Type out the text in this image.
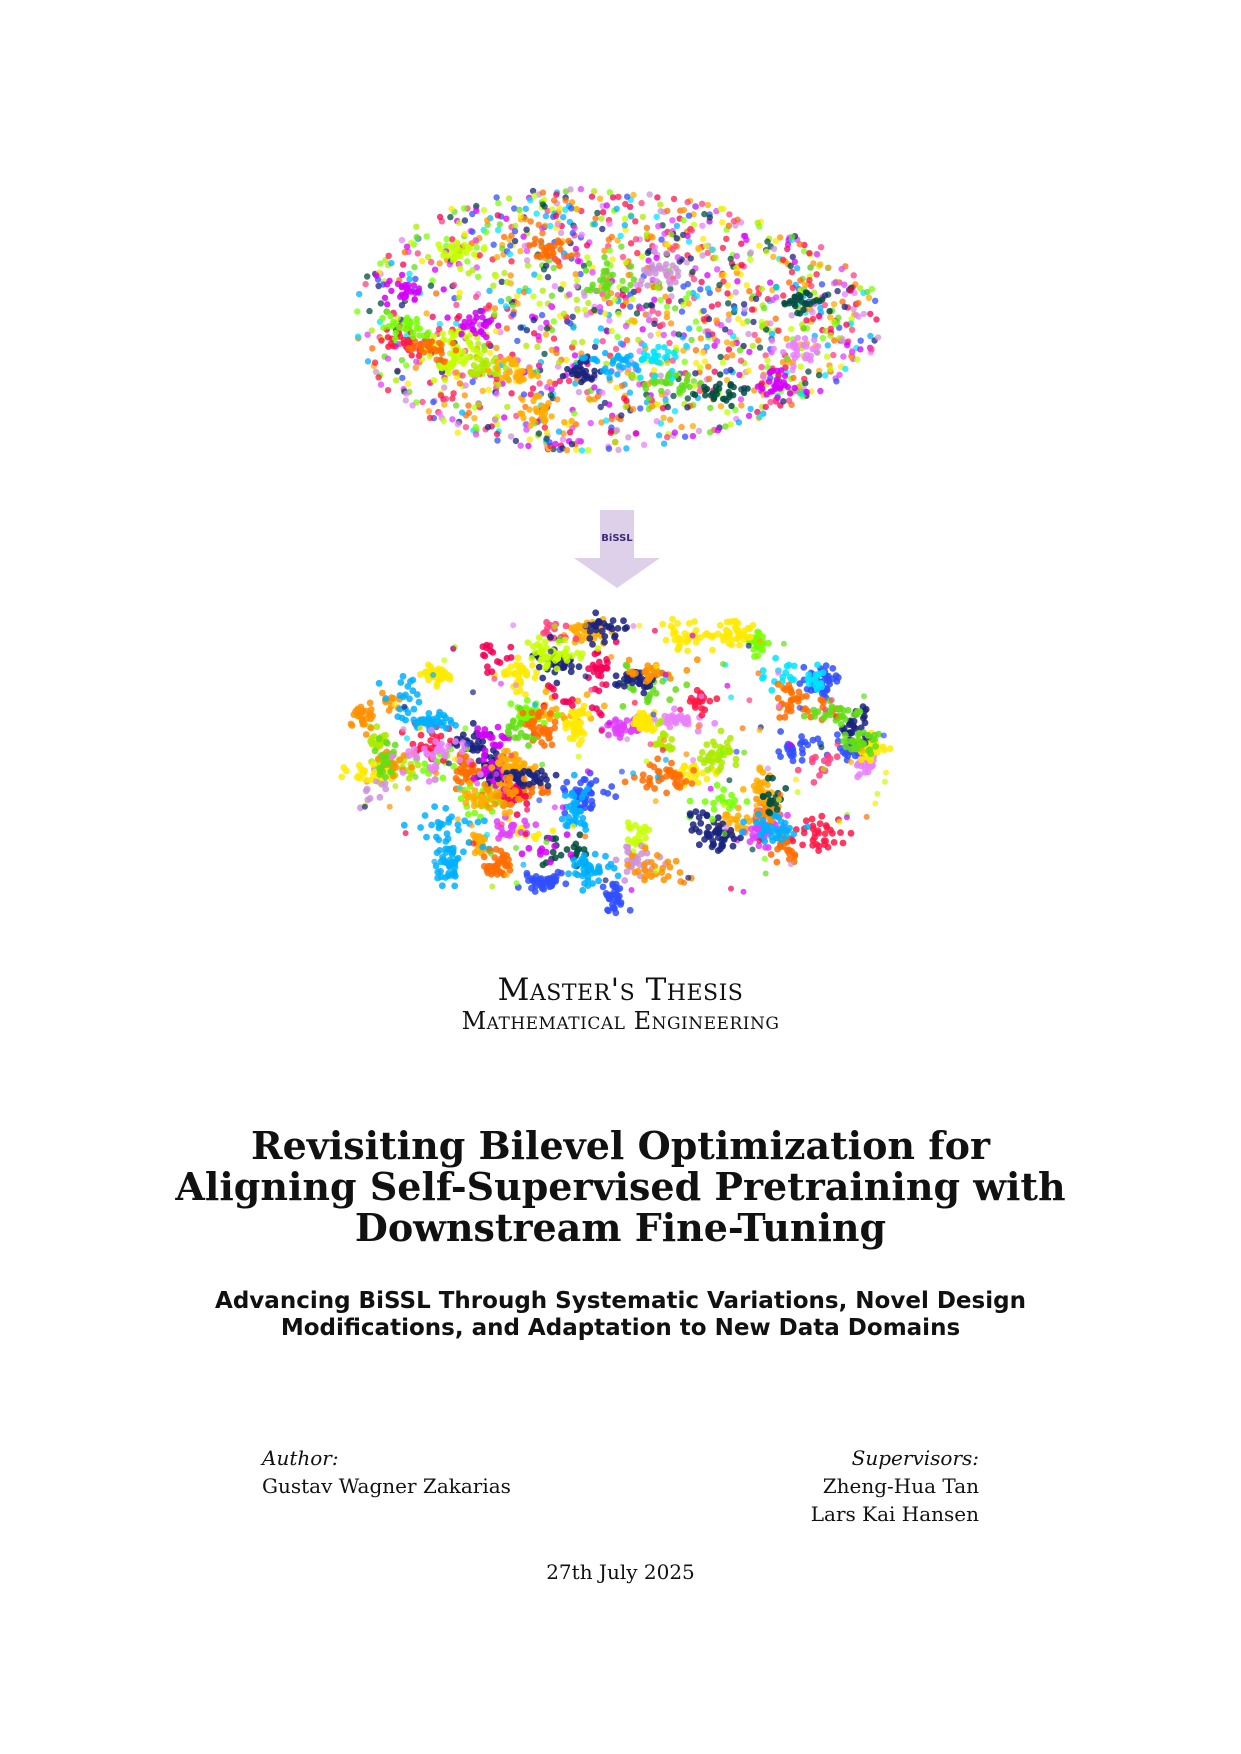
BiSSL
Master's Thesis
Mathematical Engineering
Revisiting Bilevel Optimization for
Aligning Self-Supervised Pretraining with
Downstream Fine-Tuning
Advancing BiSSL Through Systematic Variations, Novel Design
Modifications, and Adaptation to New Data Domains
Author:
Gustav Wagner Zakarias
Supervisors:
Zheng-Hua Tan
Lars Kai Hansen
27th July 2025
